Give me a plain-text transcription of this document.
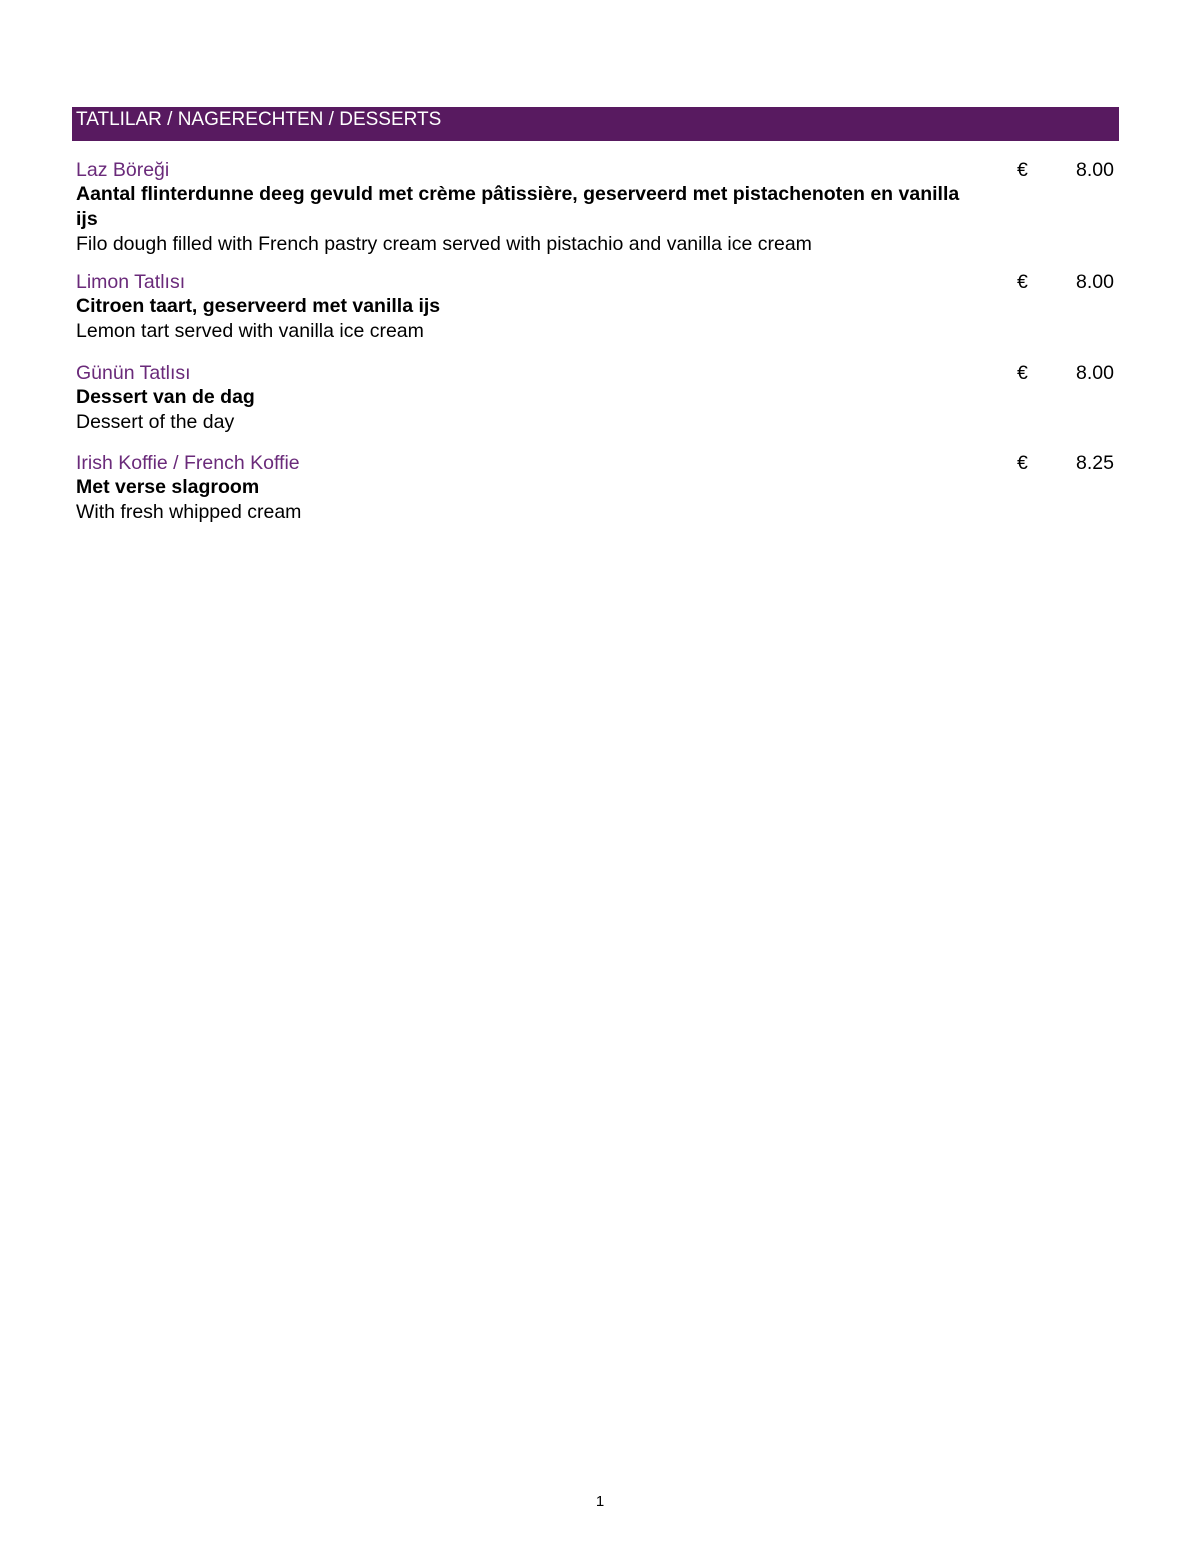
TATLILAR / NAGERECHTEN / DESSERTS
Laz Böreği
Aantal flinterdunne deeg gevuld met crème pâtissière, geserveerd met pistachenoten en vanilla ijs
Filo dough filled with French pastry cream served with pistachio and vanilla ice cream
€ 8.00
Limon Tatlısı
Citroen taart, geserveerd met vanilla ijs
Lemon tart served with vanilla ice cream
€ 8.00
Günün Tatlısı
Dessert van de dag
Dessert of the day
€ 8.00
Irish Koffie / French Koffie
Met verse slagroom
With fresh whipped cream
€ 8.25
1
